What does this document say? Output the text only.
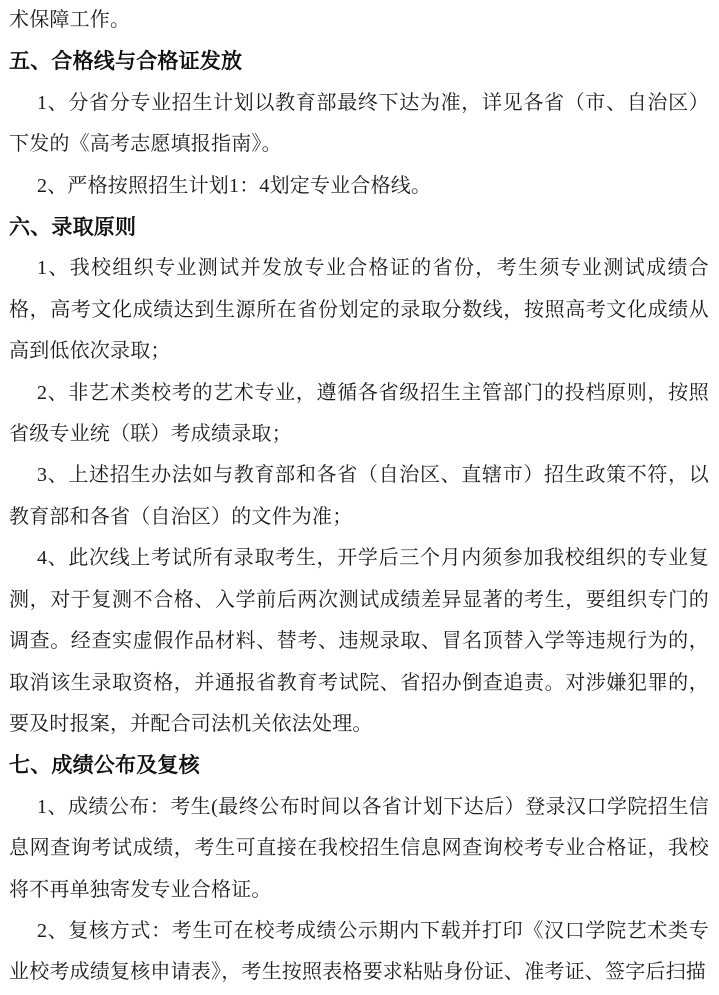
术保障工作。

五、合格线与合格证发放

1、分省分专业招生计划以教育部最终下达为准，详见各省（市、自治区）下发的《高考志愿填报指南》。

2、严格按照招生计划1：4划定专业合格线。

六、录取原则

1、我校组织专业测试并发放专业合格证的省份，考生须专业测试成绩合格，高考文化成绩达到生源所在省份划定的录取分数线，按照高考文化成绩从高到低依次录取；

2、非艺术类校考的艺术专业，遵循各省级招生主管部门的投档原则，按照省级专业统（联）考成绩录取；

3、上述招生办法如与教育部和各省（自治区、直辖市）招生政策不符，以教育部和各省（自治区）的文件为准；

4、此次线上考试所有录取考生，开学后三个月内须参加我校组织的专业复测，对于复测不合格、入学前后两次测试成绩差异显著的考生，要组织专门的调查。经查实虚假作品材料、替考、违规录取、冒名顶替入学等违规行为的，取消该生录取资格，并通报省教育考试院、省招办倒查追责。对涉嫌犯罪的，要及时报案，并配合司法机关依法处理。

七、成绩公布及复核

1、成绩公布：考生(最终公布时间以各省计划下达后）登录汉口学院招生信息网查询考试成绩，考生可直接在我校招生信息网查询校考专业合格证，我校将不再单独寄发专业合格证。

2、复核方式：考生可在校考成绩公示期内下载并打印《汉口学院艺术类专业校考成绩复核申请表》，考生按照表格要求粘贴身份证、准考证、签字后扫描
